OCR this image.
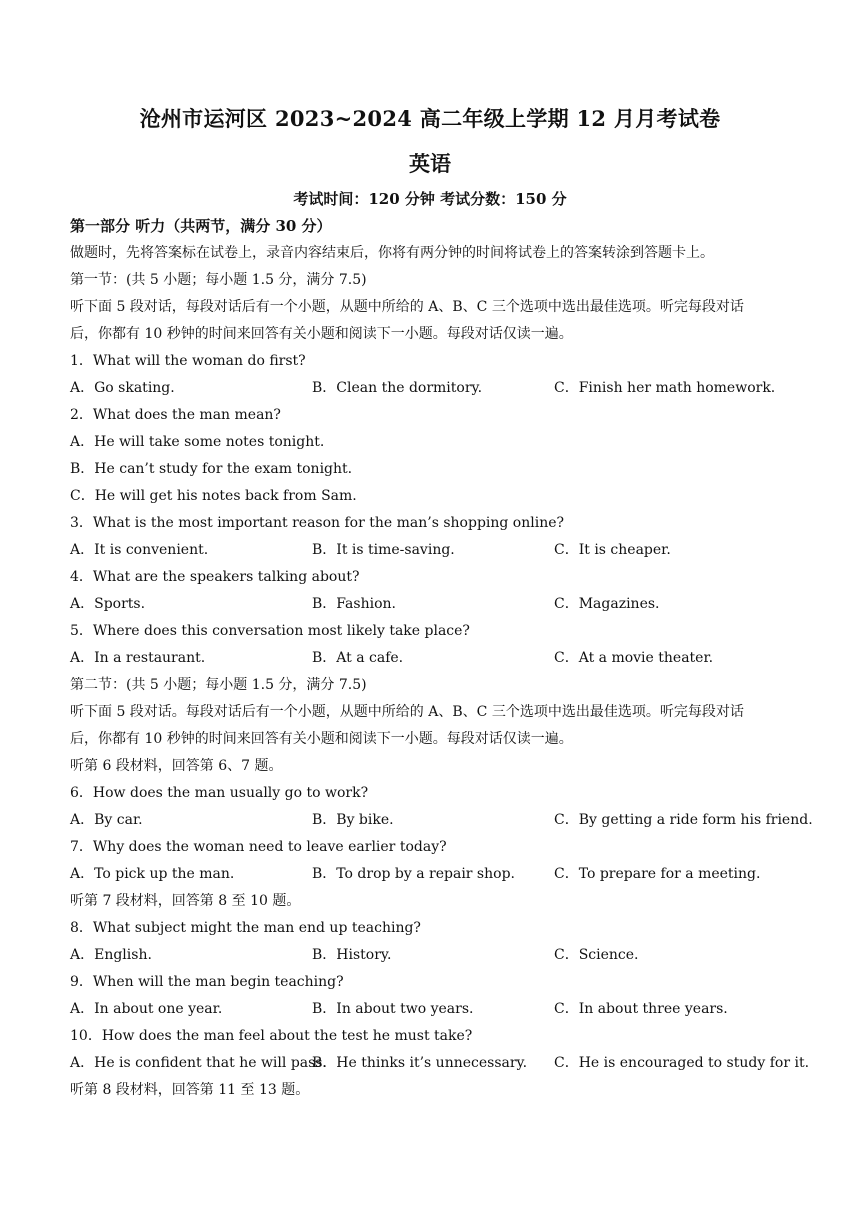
沧州市运河区 2023~2024 高二年级上学期 12 月月考试卷
英语
考试时间：120 分钟 考试分数：150 分
第一部分 听力（共两节，满分 30 分）
做题时，先将答案标在试卷上，录音内容结束后，你将有两分钟的时间将试卷上的答案转涂到答题卡上。
第一节：(共 5 小题；每小题 1.5 分，满分 7.5)
听下面 5 段对话，每段对话后有一个小题，从题中所给的 A、B、C 三个选项中选出最佳选项。听完每段对话
后，你都有 10 秒钟的时间来回答有关小题和阅读下一小题。每段对话仅读一遍。
1．What will the woman do first?
A．Go skating.	B．Clean the dormitory.	C．Finish her math homework.
2．What does the man mean?
A．He will take some notes tonight.
B．He can’t study for the exam tonight.
C．He will get his notes back from Sam.
3．What is the most important reason for the man’s shopping online?
A．It is convenient.	B．It is time-saving.	C．It is cheaper.
4．What are the speakers talking about?
A．Sports.	B．Fashion.	C．Magazines.
5．Where does this conversation most likely take place?
A．In a restaurant.	B．At a cafe.	C．At a movie theater.
第二节：(共 5 小题；每小题 1.5 分，满分 7.5)
听下面 5 段对话。每段对话后有一个小题，从题中所给的 A、B、C 三个选项中选出最佳选项。听完每段对话
后，你都有 10 秒钟的时间来回答有关小题和阅读下一小题。每段对话仅读一遍。
听第 6 段材料，回答第 6、7 题。
6．How does the man usually go to work?
A．By car.	B．By bike.	C．By getting a ride form his friend.
7．Why does the woman need to leave earlier today?
A．To pick up the man.	B．To drop by a repair shop.	C．To prepare for a meeting.
听第 7 段材料，回答第 8 至 10 题。
8．What subject might the man end up teaching?
A．English.	B．History.	C．Science.
9．When will the man begin teaching?
A．In about one year.	B．In about two years.	C．In about three years.
10．How does the man feel about the test he must take?
A．He is confident that he will pass.
B．He thinks it’s unnecessary. C．He is encouraged to study for it.
听第 8 段材料，回答第 11 至 13 题。
